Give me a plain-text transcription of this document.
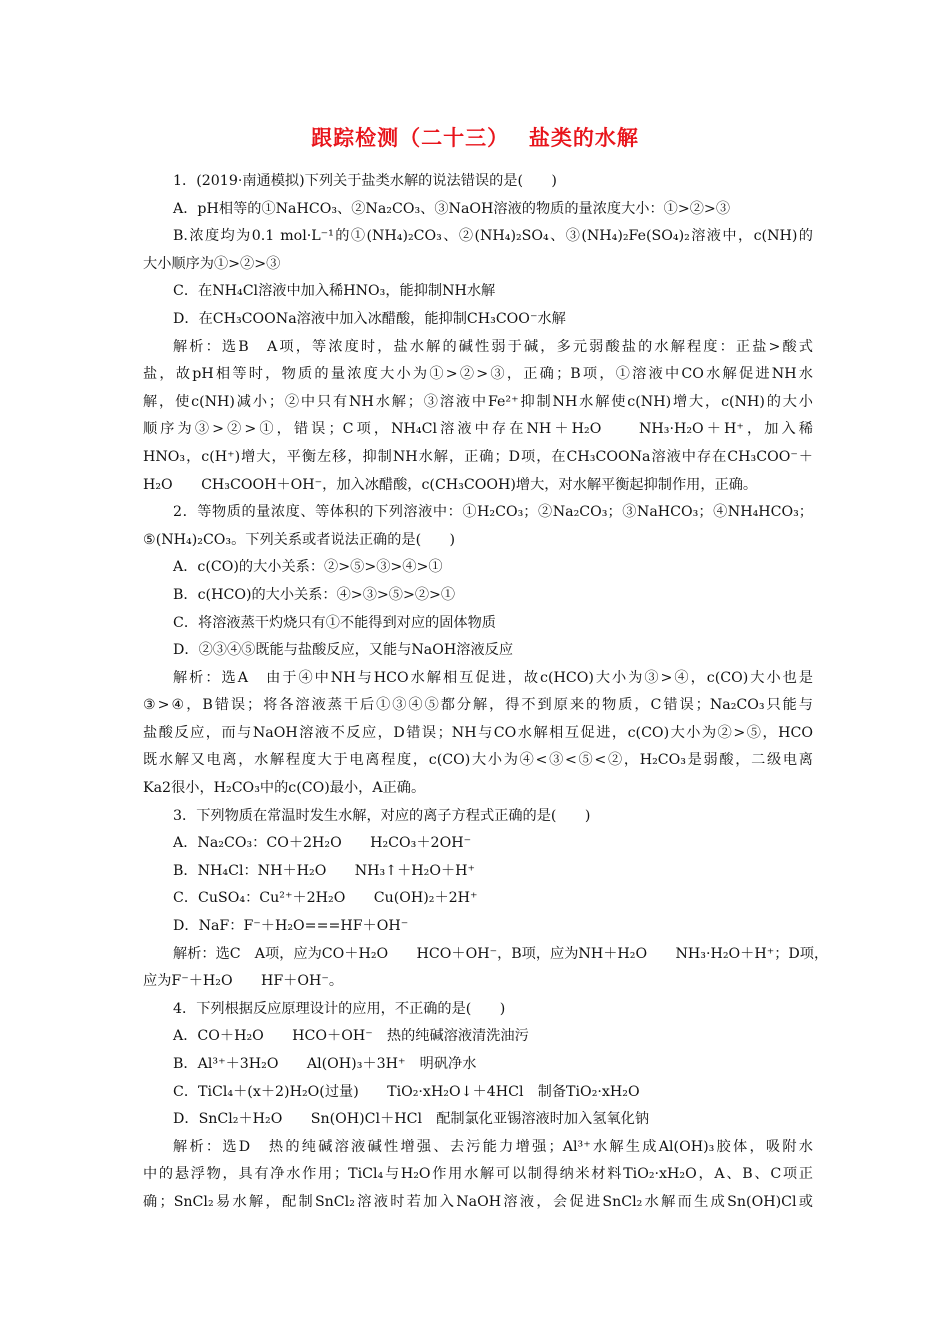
跟踪检测（二十三）　 盐类的水解
1．(2019·南通模拟)下列关于盐类水解的说法错误的是(　　)
A．pH相等的①NaHCO₃、②Na₂CO₃、③NaOH溶液的物质的量浓度大小：①>②>③
B.浓度均为0.1 mol·L⁻¹的①(NH₄)₂CO₃、②(NH₄)₂SO₄、③(NH₄)₂Fe(SO₄)₂溶液中，c(NH)的
大小顺序为①>②>③
C．在NH₄Cl溶液中加入稀HNO₃，能抑制NH水解
D．在CH₃COONa溶液中加入冰醋酸，能抑制CH₃COO⁻水解
解析：选B　A项，等浓度时，盐水解的碱性弱于碱，多元弱酸盐的水解程度：正盐>酸式
盐，故pH相等时，物质的量浓度大小为①>②>③，正确；B项，①溶液中CO水解促进NH水
解，使c(NH)减小；②中只有NH水解；③溶液中Fe²⁺抑制NH水解使c(NH)增大，c(NH)的大小
顺序为③>②>①，错误；C项，NH₄Cl溶液中存在NH＋H₂O　　NH₃·H₂O＋H⁺，加入稀
HNO₃，c(H⁺)增大，平衡左移，抑制NH水解，正确；D项，在CH₃COONa溶液中存在CH₃COO⁻＋
H₂O　　CH₃COOH＋OH⁻，加入冰醋酸，c(CH₃COOH)增大，对水解平衡起抑制作用，正确。
2．等物质的量浓度、等体积的下列溶液中：①H₂CO₃；②Na₂CO₃；③NaHCO₃；④NH₄HCO₃；
⑤(NH₄)₂CO₃。下列关系或者说法正确的是(　　)
A．c(CO)的大小关系：②>⑤>③>④>①
B．c(HCO)的大小关系：④>③>⑤>②>①
C．将溶液蒸干灼烧只有①不能得到对应的固体物质
D．②③④⑤既能与盐酸反应，又能与NaOH溶液反应
解析：选A　由于④中NH与HCO水解相互促进，故c(HCO)大小为③>④，c(CO)大小也是
③>④，B错误；将各溶液蒸干后①③④⑤都分解，得不到原来的物质，C错误；Na₂CO₃只能与
盐酸反应，而与NaOH溶液不反应，D错误；NH与CO水解相互促进，c(CO)大小为②>⑤，HCO
既水解又电离，水解程度大于电离程度，c(CO)大小为④<③<⑤<②，H₂CO₃是弱酸，二级电离
Ka2很小，H₂CO₃中的c(CO)最小，A正确。
3．下列物质在常温时发生水解，对应的离子方程式正确的是(　　)
A．Na₂CO₃：CO＋2H₂O　　H₂CO₃＋2OH⁻
B．NH₄Cl：NH＋H₂O　　NH₃↑＋H₂O＋H⁺
C．CuSO₄：Cu²⁺＋2H₂O　　Cu(OH)₂＋2H⁺
D．NaF：F⁻＋H₂O===HF＋OH⁻
解析：选C　A项，应为CO＋H₂O　　HCO＋OH⁻，B项，应为NH＋H₂O　　NH₃·H₂O＋H⁺；D项，
应为F⁻＋H₂O　　HF＋OH⁻。
4．下列根据反应原理设计的应用，不正确的是(　　)
A．CO＋H₂O　　HCO＋OH⁻　热的纯碱溶液清洗油污
B．Al³⁺＋3H₂O　　Al(OH)₃＋3H⁺　明矾净水
C．TiCl₄＋(x＋2)H₂O(过量)　　TiO₂·xH₂O↓＋4HCl　制备TiO₂·xH₂O
D．SnCl₂＋H₂O　　Sn(OH)Cl＋HCl　配制氯化亚锡溶液时加入氢氧化钠
解析：选D　热的纯碱溶液碱性增强、去污能力增强；Al³⁺水解生成Al(OH)₃胶体，吸附水
中的悬浮物，具有净水作用；TiCl₄与H₂O作用水解可以制得纳米材料TiO₂·xH₂O，A、B、C项正
确；SnCl₂易水解，配制SnCl₂溶液时若加入NaOH溶液，会促进SnCl₂水解而生成Sn(OH)Cl或
